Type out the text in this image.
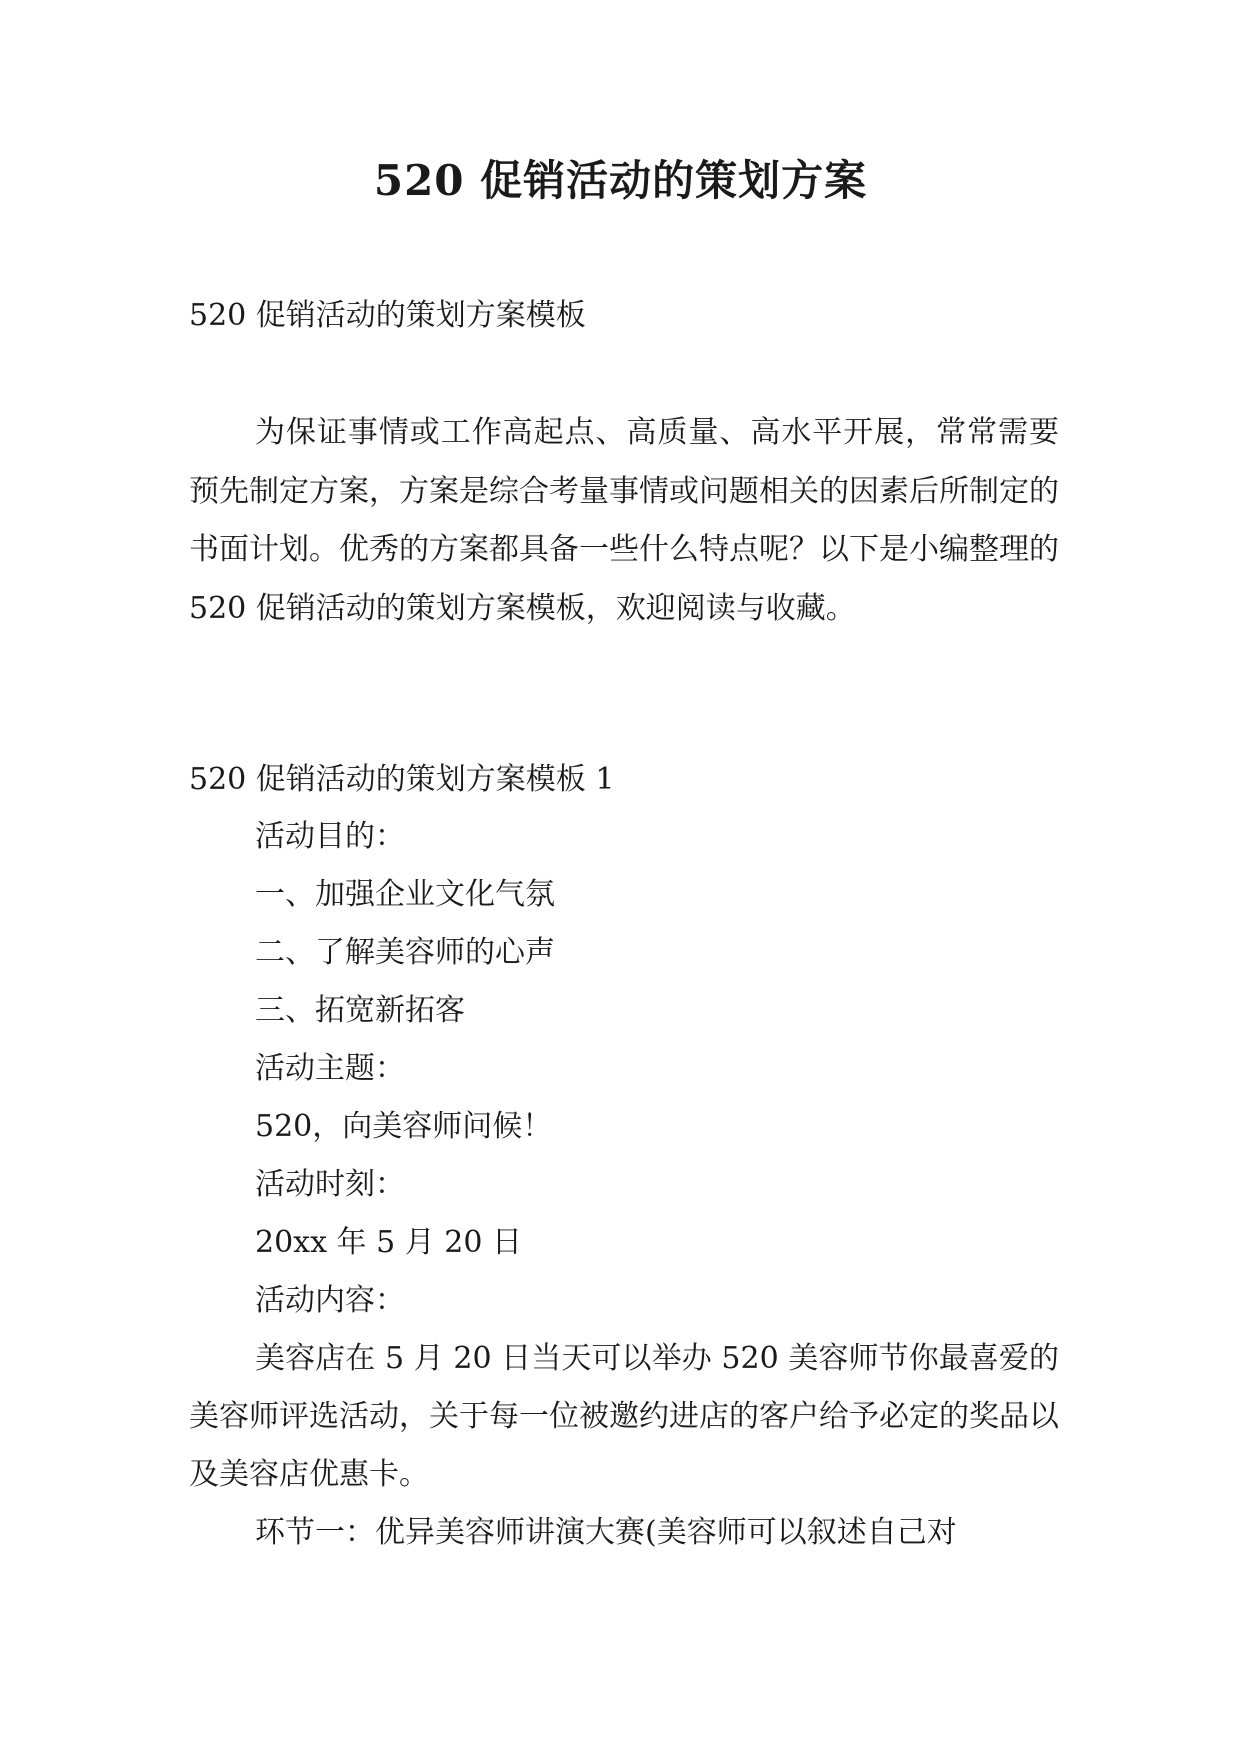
520 促销活动的策划方案

520 促销活动的策划方案模板

为保证事情或工作高起点、高质量、高水平开展，常常需要预先制定方案，方案是综合考量事情或问题相关的因素后所制定的书面计划。优秀的方案都具备一些什么特点呢？以下是小编整理的 520 促销活动的策划方案模板，欢迎阅读与收藏。

520 促销活动的策划方案模板 1

活动目的：

一、加强企业文化气氛

二、了解美容师的心声

三、拓宽新拓客

活动主题：

520，向美容师问候！

活动时刻：

20xx 年 5 月 20 日

活动内容：

美容店在 5 月 20 日当天可以举办 520 美容师节你最喜爱的美容师评选活动，关于每一位被邀约进店的客户给予必定的奖品以及美容店优惠卡。

环节一：优异美容师讲演大赛(美容师可以叙述自己对
